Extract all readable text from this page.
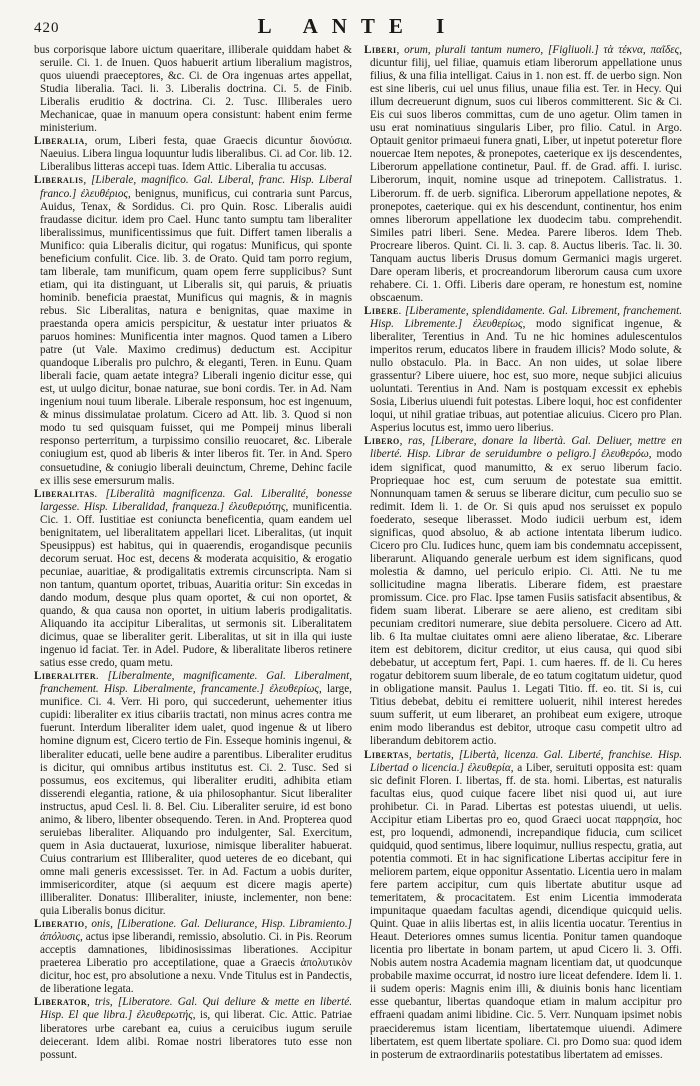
420	L ANTE I

bus corporisque labore uictum quaeritare, illiberale quiddam habet & seruile. Ci. 1. de Inuen. Quos habuerit artium liberalium magistros, quos uiuendi praeceptores, &c. Ci. de Ora ingenuas artes appellat, Studia liberalia. Taci. li. 3. Liberalis doctrina. Ci. 5. de Finib. Liberalis eruditio & doctrina. Ci. 2. Tusc. Illiberales uero Mechanicae, quae in manuum opera consistunt: habent enim ferme ministerium.

Liberalia, orum, Liberi festa, quae Graecis dicuntur διονύσια. Naeuius. Libera lingua loquuntur ludis liberalibus. Ci. ad Cor. lib. 12. Liberalibus litteras accepi tuas. Idem Attic. Liberalia tu accusas.

Liberalis, [Liberale, magnifico. Gal. Liberal, franc. Hisp. Liberal franco.] ἐλευθέριος, benignus, munificus, cui contraria sunt Parcus, Auidus, Tenax, & Sordidus. Ci. pro Quin. Rosc. Liberalis auidi fraudasse dicitur. idem pro Cael. Hunc tanto sumptu tam liberaliter liberalissimus, munificentissimus que fuit. Differt tamen liberalis a Munifico: quia Liberalis dicitur, qui rogatus: Munificus, qui sponte beneficium confulit. Cice. lib. 3. de Orato. Quid tam porro regium, tam liberale, tam munificum, quam opem ferre supplicibus? Sunt etiam, qui ita distinguant, ut Liberalis sit, qui paruis, & priuatis hominib. beneficia praestat, Munificus qui magnis, & in magnis rebus. Sic Liberalitas, natura e benignitas, quae maxime in praestanda opera amicis perspicitur, & uestatur inter priuatos & paruos homines: Munificentia inter magnos. Quod tamen a Libero patre (ut Vale. Maximo credimus) deductum est. Accipitur quandoque Liberalis pro pulchro, & eleganti, Teren. in Eunu. Quam liberali facie, quam aetate integra? Liberali ingenio dicitur esse, qui est, ut uulgo dicitur, bonae naturae, sue boni cordis. Ter. in Ad. Nam ingenium noui tuum liberale. Liberale responsum, hoc est ingenuum, & minus dissimulatae prolatum. Cicero ad Att. lib. 3. Quod si non modo tu sed quisquam fuisset, qui me Pompeij minus liberali responso perterritum, a turpissimo consilio reuocaret, &c. Liberale coniugium est, quod ab liberis & inter liberos fit. Ter. in And. Spero consuetudine, & coniugio liberali deuinctum, Chreme, Dehinc facile ex illis sese emersurum malis.

Liberalitas. [Liberalità magnificenza. Gal. Liberalité, bonesse largesse. Hisp. Liberalidad, franqueza.] ἐλευθεριότης, munificentia. Cic. 1. Off. Iustitiae est coniuncta beneficentia, quam eandem uel benignitatem, uel liberalitatem appellari licet. Liberalitas, (ut inquit Speusippus) est habitus, qui in quaerendis, erogandisque pecuniis decorum seruat. Hoc est, decens & moderata acquisitio, & erogatio pecuniae, auaritiae, & prodigalitatis extremis circunscripta. Nam si non tantum, quantum oportet, tribuas, Auaritia oritur: Sin excedas in dando modum, desque plus quam oportet, & cui non oportet, & quando, & qua causa non oportet, in uitium laberis prodigalitatis. Aliquando ita accipitur Liberalitas, ut sermonis sit. Liberalitatem dicimus, quae se liberaliter gerit. Liberalitas, ut sit in illa qui iuste ingenuo id faciat. Ter. in Adel. Pudore, & liberalitate liberos retinere satius esse credo, quam metu.

Liberaliter. [Liberalmente, magnificamente. Gal. Liberalment, franchement. Hisp. Liberalmente, francamente.] ἐλευθερίως, large, munifice. Ci. 4. Verr. Hi poro, qui succederunt, uehementer itius cupidi: liberaliter ex itius cibariis tractati, non minus acres contra me fuerunt. Interdum liberaliter idem ualet, quod ingenue & ut libero homine dignum est, Cicero tertio de Fin. Esseque hominis ingenui, & liberaliter educati, uelle bene audire a parentibus. Liberaliter eruditus is dicitur, qui omnibus artibus institutus est. Ci. 2. Tusc. Sed si possumus, eos excitemus, qui liberaliter eruditi, adhibita etiam disserendi elegantia, ratione, & uia philosophantur. Sicut liberaliter instructus, apud Cesl. li. 8. Bel. Ciu. Liberaliter seruire, id est bono animo, & libero, libenter obsequendo. Teren. in And. Propterea quod seruiebas liberaliter. Aliquando pro indulgenter, Sal. Exercitum, quem in Asia ductauerat, luxuriose, nimisque liberaliter habuerat. Cuius contrarium est Illiberaliter, quod ueteres de eo dicebant, qui omne mali generis excessisset. Ter. in Ad. Factum a uobis duriter, immisericorditer, atque (si aequum est dicere magis aperte) illiberaliter. Donatus: Illiberaliter, iniuste, inclementer, non bene: quia Liberalis bonus dicitur.

Liberatio, onis, [Liberatione. Gal. Deliurance, Hisp. Libramiento.] ἀπόλυσις, actus ipse liberandi, remissio, absolutio. Ci. in Pis. Reorum acceptis damnationes, libidinosissimas liberationes. Accipitur praeterea Liberatio pro acceptilatione, quae a Graecis ἀπολυτικὸν dicitur, hoc est, pro absolutione a nexu. Vnde Titulus est in Pandectis, de liberatione legata.

Liberator, tris, [Liberatore. Gal. Qui deliure & mette en liberté. Hisp. El que libra.] ἐλευθερωτής, is, qui liberat. Cic. Attic. Patriae liberatores urbe carebant ea, cuius a ceruicibus iugum seruile deiecerant. Idem alibi. Romae nostri liberatores tuto esse non possunt.

Liberi, orum, plurali tantum numero, [Figliuoli.] τὰ τέκνα, παῖδες, dicuntur filij, uel filiae, quamuis etiam liberorum appellatione unus filius, & una filia intelligat. Caius in 1. non est. ff. de uerbo sign. Non est sine liberis, cui uel unus filius, unaue filia est. Ter. in Hecy. Qui illum decreuerunt dignum, suos cui liberos committerent. Sic & Ci. Eis cui suos liberos committas, cum de uno agetur. Olim tamen in usu erat nominatiuus singularis Liber, pro filio. Catul. in Argo. Optauit genitor primaeui funera gnati, Liber, ut inpetut poteretur flore nouercae Item nepotes, & pronepotes, caeterique ex ijs descendentes, Liberorum appellatione continetur, Paul. ff. de Grad. affi. I. iurisc. Liberorum, inquit, nomine usque ad trinepotem. Callistratus. 1. Liberorum. ff. de uerb. significa. Liberorum appellatione nepotes, & pronepotes, caeterique. qui ex his descendunt, continentur, hos enim omnes liberorum appellatione lex duodecim tabu. comprehendit. Similes patri liberi. Sene. Medea. Parere liberos. Idem Theb. Procreare liberos. Quint. Ci. li. 3. cap. 8. Auctus liberis. Tac. li. 30. Tanquam auctus liberis Drusus domum Germanici magis urgeret. Dare operam liberis, et procreandorum liberorum causa cum uxore rehabere. Ci. 1. Offi. Liberis dare operam, re honestum est, nomine obscaenum.

Libere. [Liberamente, splendidamente. Gal. Librement, franchement. Hisp. Libremente.] ἐλευθερίως, modo significat ingenue, & liberaliter, Terentius in And. Tu ne hic homines adulescentulos imperitos rerum, educatos libere in fraudem illicis? Modo solute, & nullo obstaculo. Pla. in Bacc. An non uides, ut solae libere grassentur? Libere uiuere, hoc est, suo more, neque subjici alicuius uoluntati. Terentius in And. Nam is postquam excessit ex ephebis Sosia, Liberius uiuendi fuit potestas. Libere loqui, hoc est confidenter loqui, ut nihil gratiae tribuas, aut potentiae alicuius. Cicero pro Plan. Asperius locutus est, immo uero liberius.

Libero, ras, [Liberare, donare la libertà. Gal. Deliuer, mettre en liberté. Hisp. Librar de seruidumbre o peligro.] ἐλευθερόω, modo idem significat, quod manumitto, & ex seruo liberum facio. Propriequae hoc est, cum seruum de potestate sua emittit. Nonnunquam tamen & seruus se liberare dicitur, cum peculio suo se redimit. Idem li. 1. de Or. Si quis apud nos seruisset ex populo foederato, seseque liberasset. Modo iudicii uerbum est, idem significas, quod absoluo, & ab actione intentata liberum iudico. Cicero pro Clu. Iudices hunc, quem iam bis condemnatu accepissent, liberarunt. Aliquando generale uerbum est idem significans, quod molestia & damno, uel periculo eripio. Ci. Atti. Ne tu me sollicitudine magna liberatis. Liberare fidem, est praestare promissum. Cice. pro Flac. Ipse tamen Fusiis satisfacit absentibus, & fidem suam liberat. Liberare se aere alieno, est creditam sibi pecuniam creditori numerare, siue debita persoluere. Cicero ad Att. lib. 6 Ita multae ciuitates omni aere alieno liberatae, &c. Liberare item est debitorem, dicitur creditor, ut eius causa, qui quod sibi debebatur, ut acceptum fert, Papi. 1. cum haeres. ff. de li. Cu heres rogatur debitorem suum liberale, de eo tatum cogitatum uidetur, quod in obligatione mansit. Paulus 1. Legati Titio. ff. eo. tit. Si is, cui Titius debebat, debitu ei remittere uoluerit, nihil interest heredes suum sufferit, ut eum liberaret, an prohibeat eum exigere, utroque enim modo liberandus est debitor, utroque casu competit ultro ad liberandum debitorem actio.

Libertas, bertatis, [Libertà, licenza. Gal. Liberté, franchise. Hisp. Libertad o licencia.] ἐλευθερία, a Liber, seruituti opposita est: quam sic definit Floren. I. libertas, ff. de sta. homi. Libertas, est naturalis facultas eius, quod cuique facere libet nisi quod ui, aut iure prohibetur. Ci. in Parad. Libertas est potestas uiuendi, ut uelis. Accipitur etiam Libertas pro eo, quod Graeci uocat παρρησία, hoc est, pro loquendi, admonendi, increpandique fiducia, cum scilicet quidquid, quod sentimus, libere loquimur, nullius respectu, gratia, aut potentia commoti. Et in hac significatione Libertas accipitur fere in meliorem partem, eique opponitur Assentatio. Licentia uero in malam fere partem accipitur, cum quis libertate abutitur usque ad temeritatem, & procacitatem. Est enim Licentia immoderata impunitaque quaedam facultas agendi, dicendique quicquid uelis. Quint. Quae in aliis libertas est, in aliis licentia uocatur. Terentius in Heaut. Deteriores omnes sumus licentia. Ponitur tamen quandoque licentia pro libertate in bonam partem, ut apud Cicero li. 3. Offi. Nobis autem nostra Academia magnam licentiam dat, ut quodcunque probabile maxime occurrat, id nostro iure liceat defendere. Idem li. 1. ii sudem operis: Magnis enim illi, & diuinis bonis hanc licentiam esse quebantur, libertas quandoque etiam in malum accipitur pro effraeni quadam animi libidine. Cic. 5. Verr. Nunquam ipsimet nobis praecideremus istam licentiam, libertatemque uiuendi. Adimere libertatem, est quem libertate spoliare. Ci. pro Domo sua: quod idem in posterum de extraordinariis potestatibus libertatem ad emisses.
